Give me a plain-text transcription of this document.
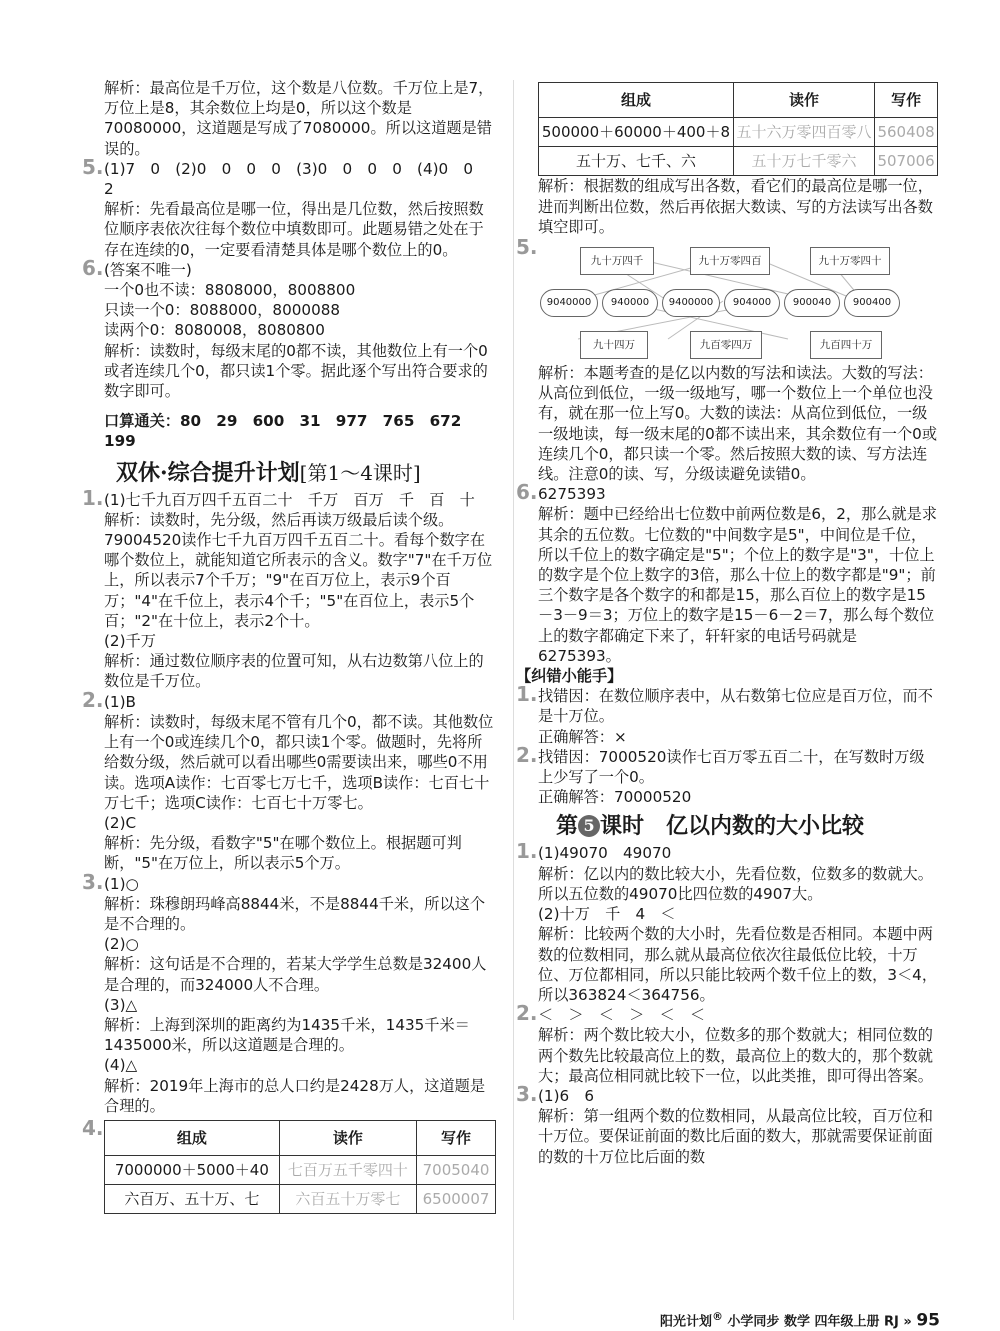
解析：最高位是千万位，这个数是八位数。千万位上是7，万位上是8，其余数位上均是0，所以这个数是70080000，这道题是写成了7080000。所以这道题是错误的。

5. (1)7　0　(2)0　0　0　0　(3)0　0　0　0　(4)0　0　2

解析：先看最高位是哪一位，得出是几位数，然后按照数位顺序表依次往每个数位中填数即可。此题易错之处在于存在连续的0，一定要看清楚具体是哪个数位上的0。

6. (答案不唯一)

一个0也不读：8808000，8008800

只读一个0：8088000，8000088

读两个0：8080008，8080800

解析：读数时，每级末尾的0都不读，其他数位上有一个0或者连续几个0，都只读1个零。据此逐个写出符合要求的数字即可。

口算通关：80　29　600　31　977　765　672　199

双休·综合提升计划[第1～4课时]
1. (1)七千九百万四千五百二十　千万　百万　千　百　十

解析：读数时，先分级，然后再读万级最后读个级。79004520读作七千九百万四千五百二十。看每个数字在哪个数位上，就能知道它所表示的含义。数字"7"在千万位上，所以表示7个千万；"9"在百万位上，表示9个百万；"4"在千位上，表示4个千；"5"在百位上，表示5个百；"2"在十位上，表示2个十。

(2)千万

解析：通过数位顺序表的位置可知，从右边数第八位上的数位是千万位。

2. (1)B

解析：读数时，每级末尾不管有几个0，都不读。其他数位上有一个0或连续几个0，都只读1个零。做题时，先将所给数分级，然后就可以看出哪些0需要读出来，哪些0不用读。选项A读作：七百零七万七千，选项B读作：七百七十万七千；选项C读作：七百七十万零七。

(2)C

解析：先分级，看数字"5"在哪个数位上。根据题可判断，"5"在万位上，所以表示5个万。

3. (1)○

解析：珠穆朗玛峰高8844米，不是8844千米，所以这个是不合理的。

(2)○

解析：这句话是不合理的，若某大学学生总数是32400人是合理的，而324000人不合理。

(3)△

解析：上海到深圳的距离约为1435千米，1435千米＝1435000米，所以这道题是合理的。

(4)△

解析：2019年上海市的总人口约是2428万人，这道题是合理的。

4.	组成	读作	写作
7000000＋5000＋40	七百万五千零四十	7005040
六百万、五十万、七	六百五十万零七	6500007
组成	读作	写作
500000＋60000＋400＋8	五十六万零四百零八	560408
五十万、七千、六	五十万七千零六	507006

解析：根据数的组成写出各数，看它们的最高位是哪一位，进而判断出位数，然后再依据大数读、写的方法读写出各数填空即可。

5.
九十万四千	九十万零四百	九十万零四十
9040000	940000	9400000	904000	900040	900400
九十四万	九百零四万	九百四十万

解析：本题考查的是亿以内数的写法和读法。大数的写法：从高位到低位，一级一级地写，哪一个数位上一个单位也没有，就在那一位上写0。大数的读法：从高位到低位，一级一级地读，每一级末尾的0都不读出来，其余数位有一个0或连续几个0，都只读一个零。然后按照大数的读、写方法连线。注意0的读、写，分级读避免读错0。

6. 6275393

解析：题中已经给出七位数中前两位数是6，2，那么就是求其余的五位数。七位数的"中间数字是5"，中间位是千位，所以千位上的数字确定是"5"；个位上的数字是"3"，十位上的数字是个位上数字的3倍，那么十位上的数字都是"9"；前三个数字是各个数字的和都是15，那么百位上的数字是15－3－9＝3；万位上的数字是15－6－2＝7，那么每个数位上的数字都确定下来了，轩轩家的电话号码就是6275393。

【纠错小能手】

1. 找错因：在数位顺序表中，从右数第七位应是百万位，而不是十万位。

正确解答：×

2. 找错因：7000520读作七百万零五百二十，在写数时万级上少写了一个0。

正确解答：70000520

第 5 课时　亿以内数的大小比较
1. (1)49070　49070

解析：亿以内的数比较大小，先看位数，位数多的数就大。所以五位数的49070比四位数的4907大。

(2)十万　千　4　＜

解析：比较两个数的大小时，先看位数是否相同。本题中两数的位数相同，那么就从最高位依次往最低位比较，十万位、万位都相同，所以只能比较两个数千位上的数，3＜4，所以363824＜364756。

2. ＜　＞　＜　＞　＜　＜

解析：两个数比较大小，位数多的那个数就大；相同位数的两个数先比较最高位上的数，最高位上的数大的，那个数就大；最高位相同就比较下一位，以此类推，即可得出答案。

3. (1)6　6

解析：第一组两个数的位数相同，从最高位比较，百万位和十万位。要保证前面的数比后面的数大，那就需要保证前面的数的十万位比后面的数

阳光计划® 小学同步 数学 四年级上册 RJ » 95
